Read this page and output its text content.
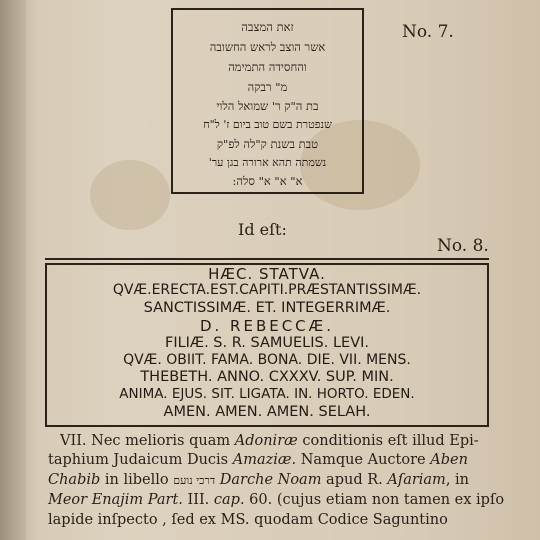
זאת המצבה
אשר הוצב לראש החשובה
והחסידה התמימה
מ" רבקה
בת ה"ק ר' שמואל הלוי
שנפטרת בשם טוב ביום ז' ל"ח
טבת בשנת ק"לה לפ"ק
נשמתה תהא ארורה בגן ער'
א" א" א" סלה:
No. 7.
Id eſt:
No. 8.
HÆC. STATVA.
QVÆ.ERECTA.EST.CAPITI.PRÆSTANTISSIMÆ.
SANCTISSIMÆ. ET. INTEGERRIMÆ.
D. REBECCÆ.
FILIÆ. S. R. SAMUELIS. LEVI.
QVÆ. OBIIT. FAMA. BONA. DIE. VII. MENS.
THEBETH. ANNO. CXXXV. SUP. MIN.
ANIMA. EJUS. SIT. LIGATA. IN. HORTO. EDEN.
AMEN. AMEN. AMEN. SELAH.
VII. Nec melioris quam Adoniræ conditionis eſt illud Epi-
taphium Judaicum Ducis Amaziæ. Namque Auctore Aben
Chabib in libello דרכי נועם Darche Noam apud R. Aſariam, in
Meor Enajim Part. III. cap. 60. (cujus etiam non tamen ex ipſo
lapide inſpecto , ſed ex MS. quodam Codice Saguntino
